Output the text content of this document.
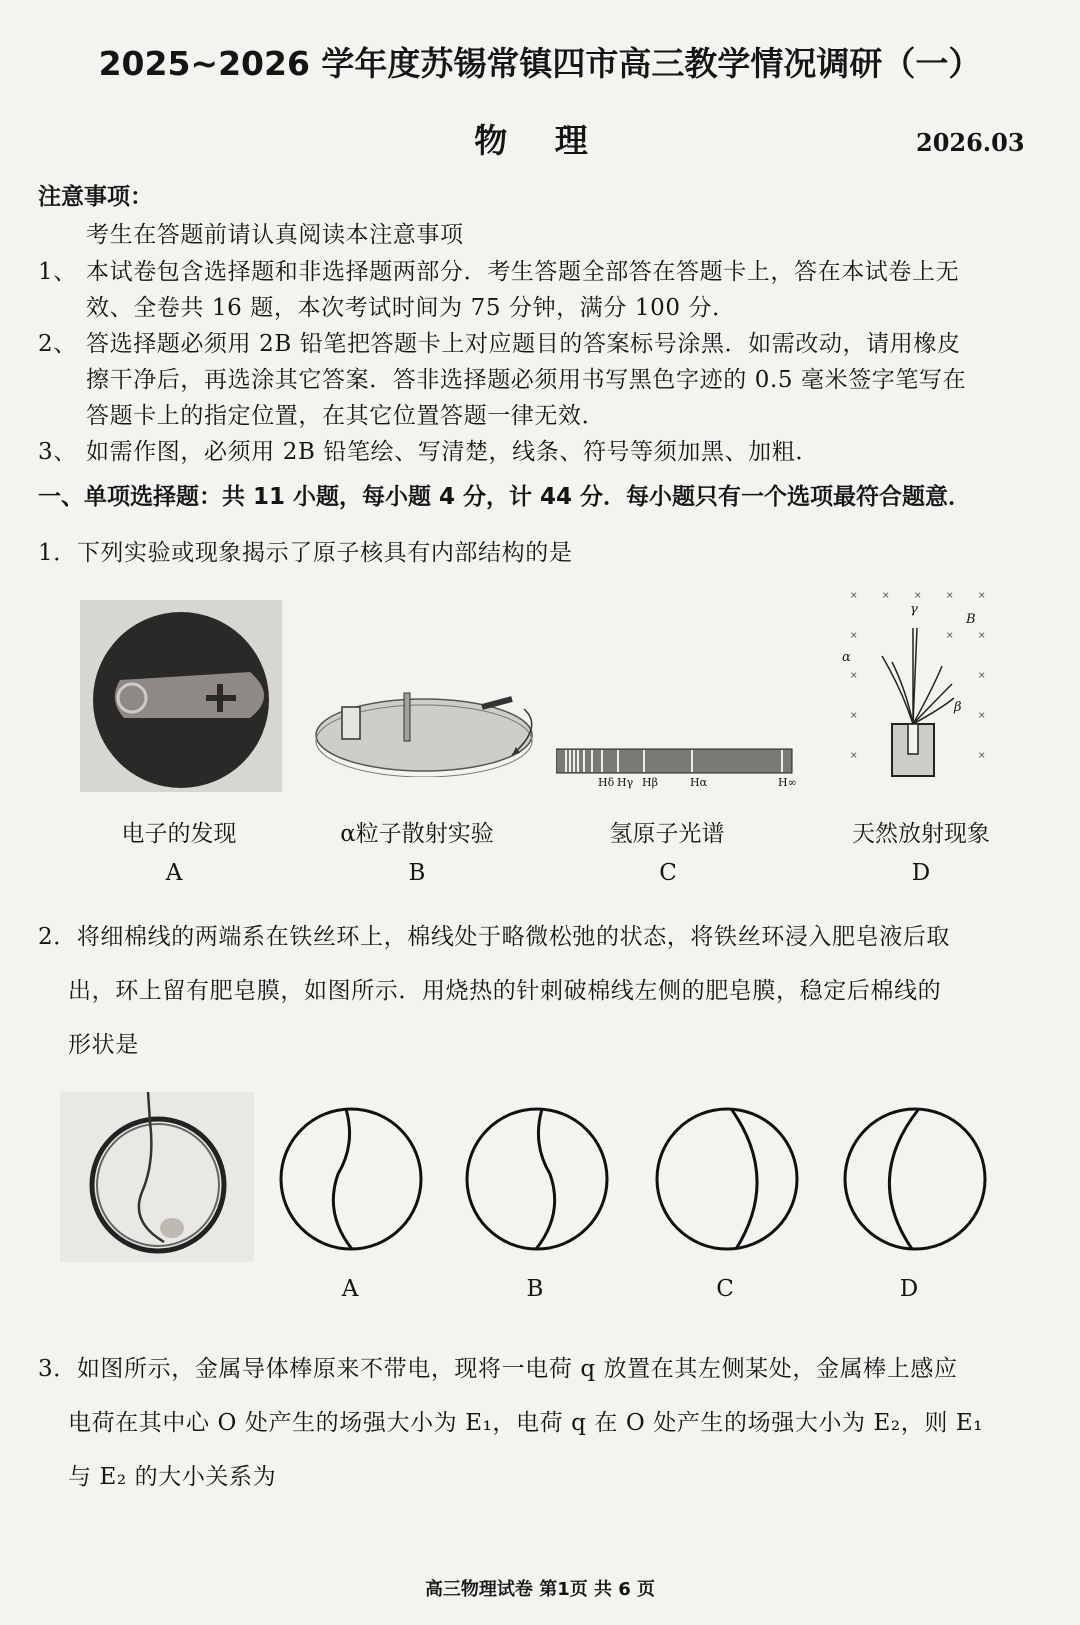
2025~2026 学年度苏锡常镇四市高三教学情况调研（一）
物 理	2026.03
注意事项：
考生在答题前请认真阅读本注意事项
1、 本试卷包含选择题和非选择题两部分．考生答题全部答在答题卡上，答在本试卷上无
效、全卷共 16 题，本次考试时间为 75 分钟，满分 100 分．
2、 答选择题必须用 2B 铅笔把答题卡上对应题目的答案标号涂黑．如需改动，请用橡皮
擦干净后，再选涂其它答案．答非选择题必须用书写黑色字迹的 0.5 毫米签字笔写在
答题卡上的指定位置，在其它位置答题一律无效．
3、 如需作图，必须用 2B 铅笔绘、写清楚，线条、符号等须加黑、加粗．
一、单项选择题：共 11 小题，每小题 4 分，计 44 分．每小题只有一个选项最符合题意．
1．下列实验或现象揭示了原子核具有内部结构的是
电子的发现
A
α粒子散射实验
B
Hδ Hγ Hβ	Hα	H∞
氢原子光谱
C
×	×	×	×	×
×	×	×
×	×
×	×
×	×
γ
α
β
B
天然放射现象
D
2．将细棉线的两端系在铁丝环上，棉线处于略微松弛的状态，将铁丝环浸入肥皂液后取
出，环上留有肥皂膜，如图所示．用烧热的针刺破棉线左侧的肥皂膜，稳定后棉线的
形状是
A	B	C	D
3．如图所示，金属导体棒原来不带电，现将一电荷 q 放置在其左侧某处，金属棒上感应
电荷在其中心 O 处产生的场强大小为 E₁，电荷 q 在 O 处产生的场强大小为 E₂，则 E₁
与 E₂ 的大小关系为
高三物理试卷 第1页 共 6 页
